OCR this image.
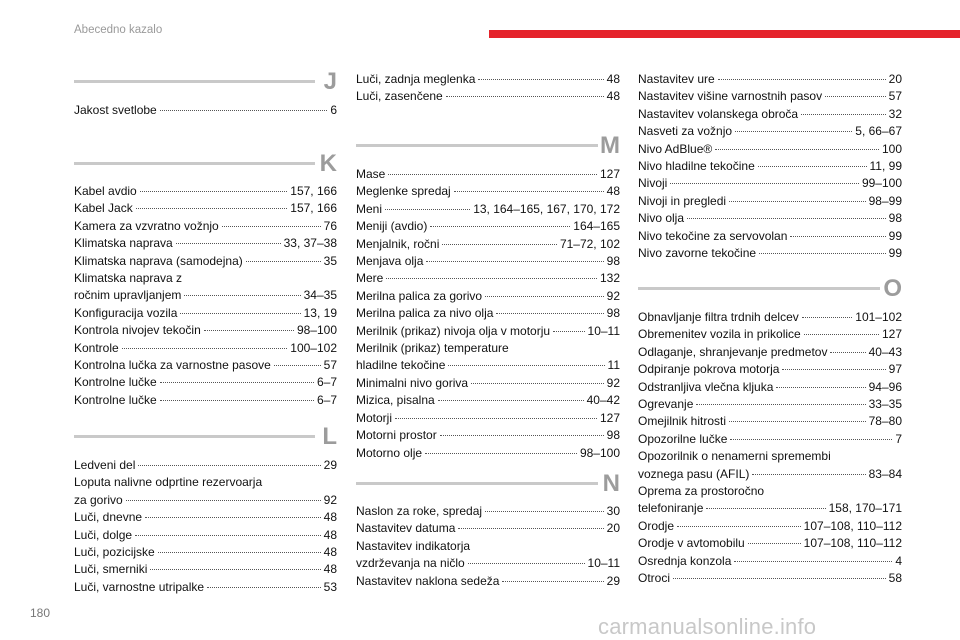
Abecedno kazalo
J
Jakost svetlobe	6
K
Kabel avdio	157, 166
Kabel Jack	157, 166
Kamera za vzvratno vožnjo	76
Klimatska naprava	33, 37–38
Klimatska naprava (samodejna)	35
Klimatska naprava z
ročnim upravljanjem	34–35
Konfiguracija vozila	13, 19
Kontrola nivojev tekočin	98–100
Kontrole	100–102
Kontrolna lučka za varnostne pasove	57
Kontrolne lučke	6–7
Kontrolne lučke	6–7
L
Ledveni del	29
Loputa nalivne odprtine rezervoarja
za gorivo	92
Luči, dnevne	48
Luči, dolge	48
Luči, pozicijske	48
Luči, smerniki	48
Luči, varnostne utripalke	53
Luči, zadnja meglenka	48
Luči, zasenčene	48
M
Mase	127
Meglenke spredaj	48
Meni	13, 164–165, 167, 170, 172
Meniji (avdio)	164–165
Menjalnik, ročni	71–72, 102
Menjava olja	98
Mere	132
Merilna palica za gorivo	92
Merilna palica za nivo olja	98
Merilnik (prikaz) nivoja olja v motorju	10–11
Merilnik (prikaz) temperature
hladilne tekočine	11
Minimalni nivo goriva	92
Mizica, pisalna	40–42
Motorji	127
Motorni prostor	98
Motorno olje	98–100
N
Naslon za roke, spredaj	30
Nastavitev datuma	20
Nastavitev indikatorja
vzdrževanja na ničlo	10–11
Nastavitev naklona sedeža	29
Nastavitev ure	20
Nastavitev višine varnostnih pasov	57
Nastavitev volanskega obroča	32
Nasveti za vožnjo	5, 66–67
Nivo AdBlue®	100
Nivo hladilne tekočine	11, 99
Nivoji	99–100
Nivoji in pregledi	98–99
Nivo olja	98
Nivo tekočine za servovolan	99
Nivo zavorne tekočine	99
O
Obnavljanje filtra trdnih delcev	101–102
Obremenitev vozila in prikolice	127
Odlaganje, shranjevanje predmetov	40–43
Odpiranje pokrova motorja	97
Odstranljiva vlečna kljuka	94–96
Ogrevanje	33–35
Omejilnik hitrosti	78–80
Opozorilne lučke	7
Opozorilnik o nenamerni spremembi
voznega pasu (AFIL)	83–84
Oprema za prostoročno
telefoniranje	158, 170–171
Orodje	107–108, 110–112
Orodje v avtomobilu	107–108, 110–112
Osrednja konzola	4
Otroci	58
180
carmanualsonline.info
